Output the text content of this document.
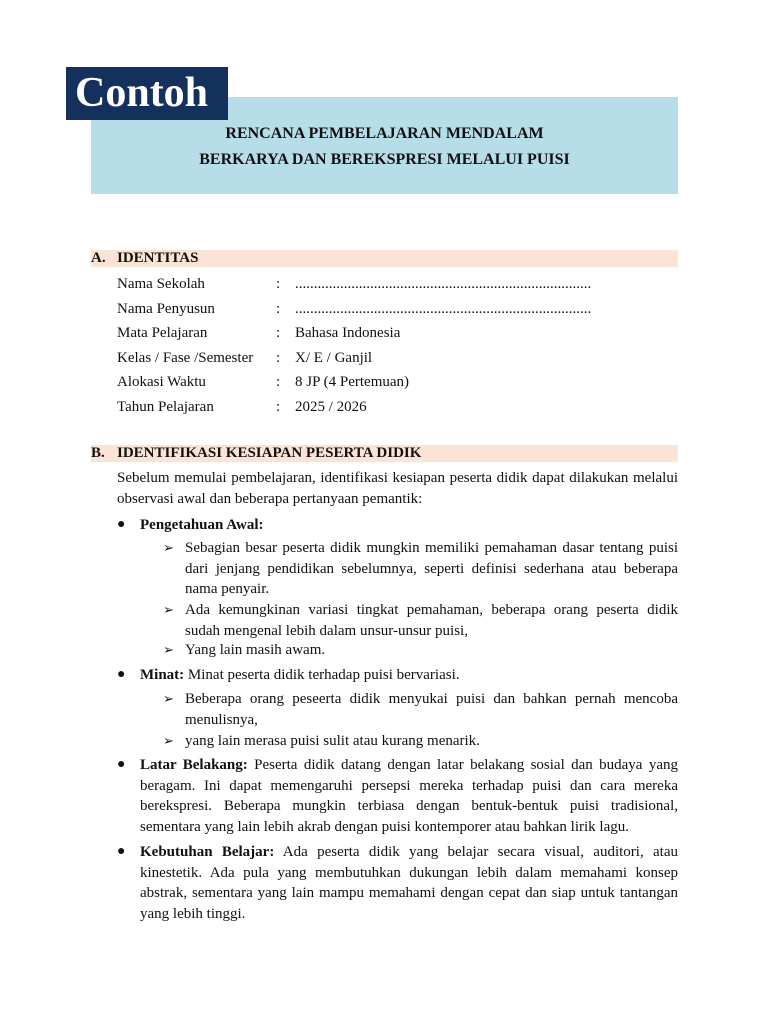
RENCANA PEMBELAJARAN MENDALAM
BERKARYA DAN BEREKSPRESI MELALUI PUISI
Contoh
A. IDENTITAS
Nama Sekolah	: ...............................................................................
Nama Penyusun	: ...............................................................................
Mata Pelajaran	: Bahasa Indonesia
Kelas / Fase /Semester : X/ E / Ganjil
Alokasi Waktu	: 8 JP (4 Pertemuan)
Tahun Pelajaran	: 2025 / 2026
B. IDENTIFIKASI KESIAPAN PESERTA DIDIK
Sebelum memulai pembelajaran, identifikasi kesiapan peserta didik dapat dilakukan melalui observasi awal dan beberapa pertanyaan pemantik:
● Pengetahuan Awal:
➢ Sebagian besar peserta didik mungkin memiliki pemahaman dasar tentang puisi dari jenjang pendidikan sebelumnya, seperti definisi sederhana atau beberapa nama penyair.
➢ Ada kemungkinan variasi tingkat pemahaman, beberapa orang peserta didik sudah mengenal lebih dalam unsur-unsur puisi,
➢ Yang lain masih awam.
● Minat: Minat peserta didik terhadap puisi bervariasi.
➢ Beberapa orang peseerta didik menyukai puisi dan bahkan pernah mencoba menulisnya,
➢ yang lain merasa puisi sulit atau kurang menarik.
● Latar Belakang: Peserta didik datang dengan latar belakang sosial dan budaya yang beragam. Ini dapat memengaruhi persepsi mereka terhadap puisi dan cara mereka berekspresi. Beberapa mungkin terbiasa dengan bentuk-bentuk puisi tradisional, sementara yang lain lebih akrab dengan puisi kontemporer atau bahkan lirik lagu.
● Kebutuhan Belajar: Ada peserta didik yang belajar secara visual, auditori, atau kinestetik. Ada pula yang membutuhkan dukungan lebih dalam memahami konsep abstrak, sementara yang lain mampu memahami dengan cepat dan siap untuk tantangan yang lebih tinggi.
